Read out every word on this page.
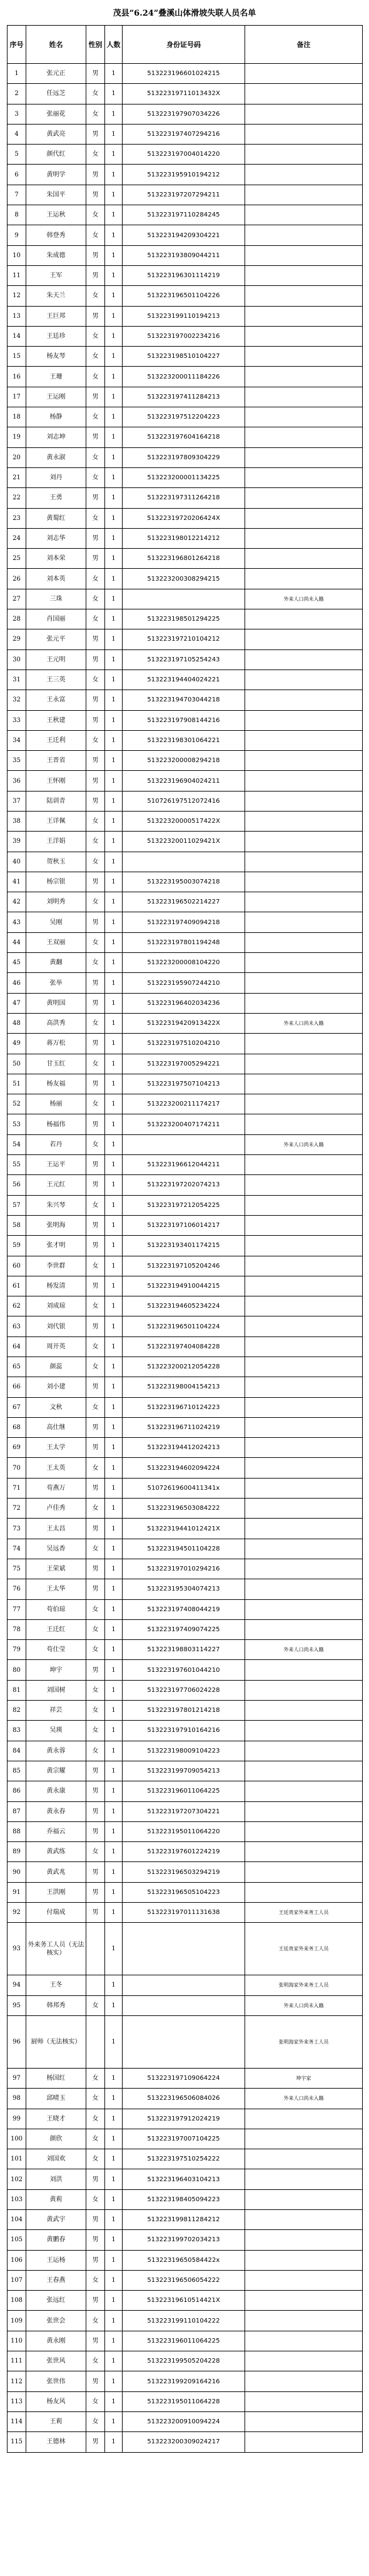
茂县“6.24”叠溪山体滑坡失联人员名单
序号	姓名	性别	人数	身份证号码	备注
1	张元正	男	1	51322319660102421⁦5	
2	任远芝	女	1	513223197110134⁦32X	
3	张丽花	女	1	513223197907034226	
4	黄武亮	男	1	513223197407294216	
5	颜代红	女	1	513223197004014220	
6	黄明学	男	1	513223195910194212	
7	朱国平	男	1	513223197207294211	
8	王运秋	女	1	513223197110284245	
9	韩登秀	女	1	513223194209304221	
10	朱成德	男	1	513223193809044211	
11	王军	男	1	513223196301114219	
12	朱天兰	女	1	513223196501104226	
13	王巨邦	男	1	513223199110194213	
14	王廷珍	女	1	513223197002234216	
15	杨友琴	女	1	513223198510104227	
16	王珊	女	1	513223200011184226	
17	王运刚	男	1	513223197411284213	
18	杨静	女	1	513223197512204223	
19	刘志坤	男	1	513223197604164218	
20	黄永淑	女	1	513223197809304229	
21	刘丹	女	1	513223200001134225	
22	王勇	男	1	513223197311264218	
23	黄蜀红	女	1	51322319720206424X	
24	刘志华	男	1	513223198012214212	
25	刘本荣	男	1	513223196801264218	
26	刘本英	女	1	513223200308294215	
27	三珠	女	1		外来人口尚未入籍
28	肖国丽	女	1	513223198501294225	
29	张元平	男	1	513223197210104212	
30	王元明	男	1	513223197105254243	
31	王三英	女	1	513223194404024221	
32	王永富	男	1	513223194703044218	
33	王秋建	男	1	513223197908144216	
34	王迁利	女	1	513223198301064221	
35	王晋省	男	1	513223200008294218	
36	王怀刚	男	1	513223196904024211	
37	陆训青	男	1	51072619751207241⁦6	
38	王详佩	女	1	51322320000517422X	
39	王洋娟	女	1	51322320011029421X	
40	贺秋玉	女	1		
41	杨宗银	男	1	513223195003074218	
42	刘明秀	女	1	513223196502214227	
43	吴刚	男	1	513223197409094218	
44	王双丽	女	1	513223197801194248	
45	黄翻	女	1	513223200008104220	
46	张举	男	1	513223195907244210	
47	黄明国	男	1	513223196402034236	
48	高洪秀	女	1	51322319420913422X	外来人口尚未入籍
49	蒋万松	男	1	513223197510204210	
50	甘玉红	女	1	513223197005294221	
51	杨友福	男	1	513223197507104213	
52	杨丽	女	1	51322320021117421⁦7	
53	杨福伟	男	1	513223200407174211	
54	若丹	女	1		外来人口尚未入籍
55	王运平	男	1	513223196612044211	
56	王元红	男	1	513223197202074213	
57	朱兴琴	女	1	513223197212054225	
58	张明海	男	1	513223197106014217	
59	张才明	男	1	513223193401174215	
60	李世群	女	1	513223197105204246	
61	杨发清	男	1	513223194910044215	
62	刘成琼	女	1	513223194605234224	
63	刘代银	男	1	513223196501104224	
64	周开英	女	1	513223197404084228	
65	颜蕊	女	1	513223200212054228	
66	刘小建	男	1	513223198004154213	
67	文秋	女	1	513223196710124223	
68	高仕继	男	1	513223196711024219	
69	王太学	男	1	513223194412024213	
70	王太英	女	1	513223194602094224	
71	苟燕万	男	1	51072619600411341x	
72	卢佳秀	女	1	513223196503084222	
73	王太昌	男	1	51322319441012421X	
74	吴远香	女	1	513223194501104228	
75	王荣斌	男	1	513223197010294216	
76	王太华	男	1	513223195304074213	
77	苟伯琼	女	1	513223197408044219	
78	王迁红	女	1	513223197409074225	
79	苟仕莹	女	1	513223198803114227	外来人口尚未入籍
80	坤宇	男	1	513223197601044210	
81	刘国树	女	1	513223197706024228	
82	祥芸	女	1	513223197801214218	
83	吴瑛	女	1	513223197910164216	
84	黄永蓉	女	1	513223198009104223	
85	黄宗耀	男	1	513223199709054213	
86	黄永康	男	1	513223196011064225	
87	黄永春	男	1	513223197207304221	
88	乔福云	男	1	513223195011064220	
89	黄武练	女	1	513223197601224219	
90	黄武兆	男	1	513223196503294219	
91	王洪刚	男	1	513223196505104223	
92	付瑞成	男	1	513223197011131638	王廷贵家外来务工人员
93	外来务工人员（无法核实）		1		王廷贵家外来务工人员
94	王冬		1		张明海家外来务工人员
95	韩邦秀	女	1		外来人口尚未入籍
96	厨师（无法核实）		1		张明海家外来务工人员
97	杨国红	女	1	513223197109064224	坤宇家
98	邱晴玉	女	1	513223196506084026	外来人口尚未入籍
99	王晓才	女	1	513223197912024219	
100	颜欣	女	1	513223197007104225	
101	刘国欢	女	1	513223197510254222	
102	刘洪	男	1	513223196403104213	
103	黄莉	女	1	513223198405094223	
104	黄武宇	男	1	513223199811284212	
105	黄鹏春	男	1	513223199702034213	
106	王运杨	男	1	51322319650584422x	
107	王春燕	女	1	513223196506054222	
108	张远红	男	1	51322319610514421X	
109	张世会	女	1	513223199110104222	
110	黄永刚	男	1	513223196011064225	
111	张世风	女	1	513223199505204228	
112	张世伟	男	1	513223199209164216	
113	杨友风	女	1	513223195011064228	
114	王莉	女	1	513223200910094224	
115	王德林	男	1	513223200309024217	
